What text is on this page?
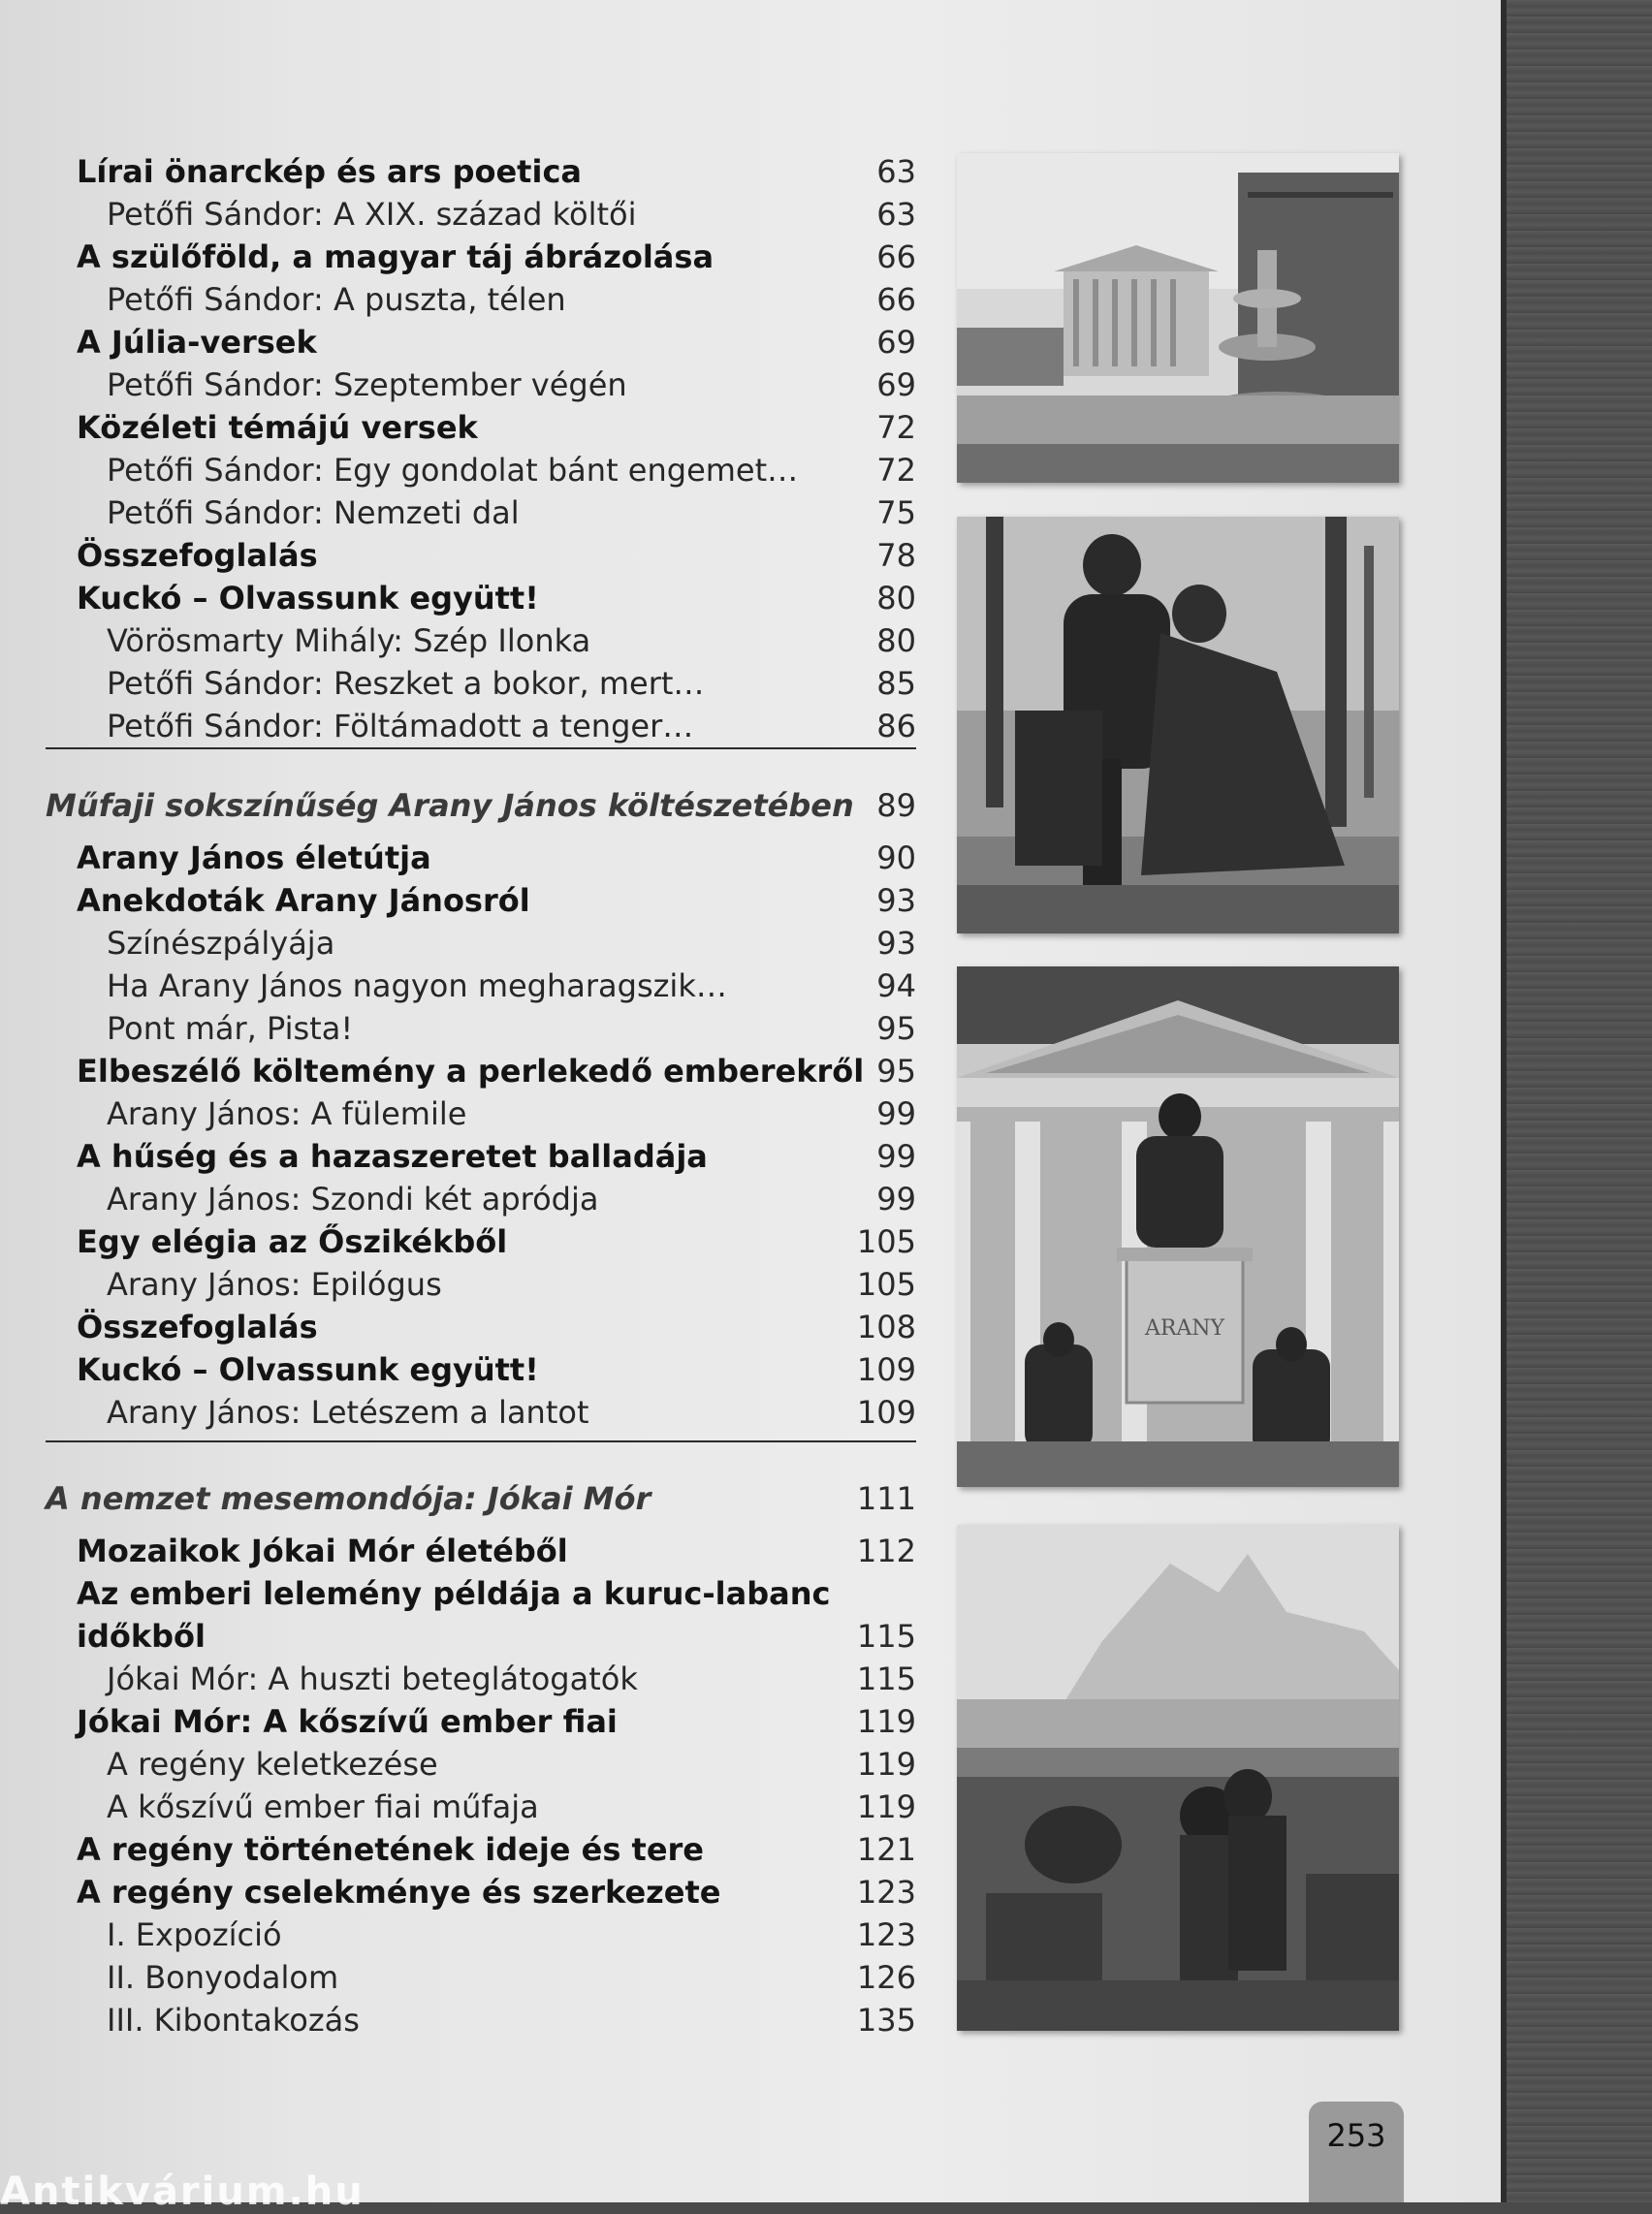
Lírai önarckép és ars poetica	63
Petőfi Sándor: A XIX. század költői	63
A szülőföld, a magyar táj ábrázolása	66
Petőfi Sándor: A puszta, télen	66
A Júlia-versek	69
Petőfi Sándor: Szeptember végén	69
Közéleti témájú versek	72
Petőfi Sándor: Egy gondolat bánt engemet…	72
Petőfi Sándor: Nemzeti dal	75
Összefoglalás	78
Kuckó – Olvassunk együtt!	80
Vörösmarty Mihály: Szép Ilonka	80
Petőfi Sándor: Reszket a bokor, mert…	85
Petőfi Sándor: Föltámadott a tenger…	86
Műfaji sokszínűség Arany János költészetében 89
Arany János életútja	90
Anekdoták Arany Jánosról	93
Színészpályája	93
Ha Arany János nagyon megharagszik…	94
Pont már, Pista!	95
Elbeszélő költemény a perlekedő emberekről 95
Arany János: A fülemile	99
A hűség és a hazaszeretet balladája	99
Arany János: Szondi két apródja	99
Egy elégia az Őszikékből	105
Arany János: Epilógus	105
Összefoglalás	108
Kuckó – Olvassunk együtt!	109
Arany János: Letészem a lantot	109
A nemzet mesemondója: Jókai Mór	111
Mozaikok Jókai Mór életéből	112
Az emberi lelemény példája a kuruc-labanc
időkből	115
Jókai Mór: A huszti beteglátogatók	115
Jókai Mór: A kőszívű ember fiai	119
A regény keletkezése	119
A kőszívű ember fiai műfaja	119
A regény történetének ideje és tere	121
A regény cselekménye és szerkezete	123
I. Expozíció	123
II. Bonyodalom	126
III. Kibontakozás	135
ARANY
253
Antikvárium.hu
